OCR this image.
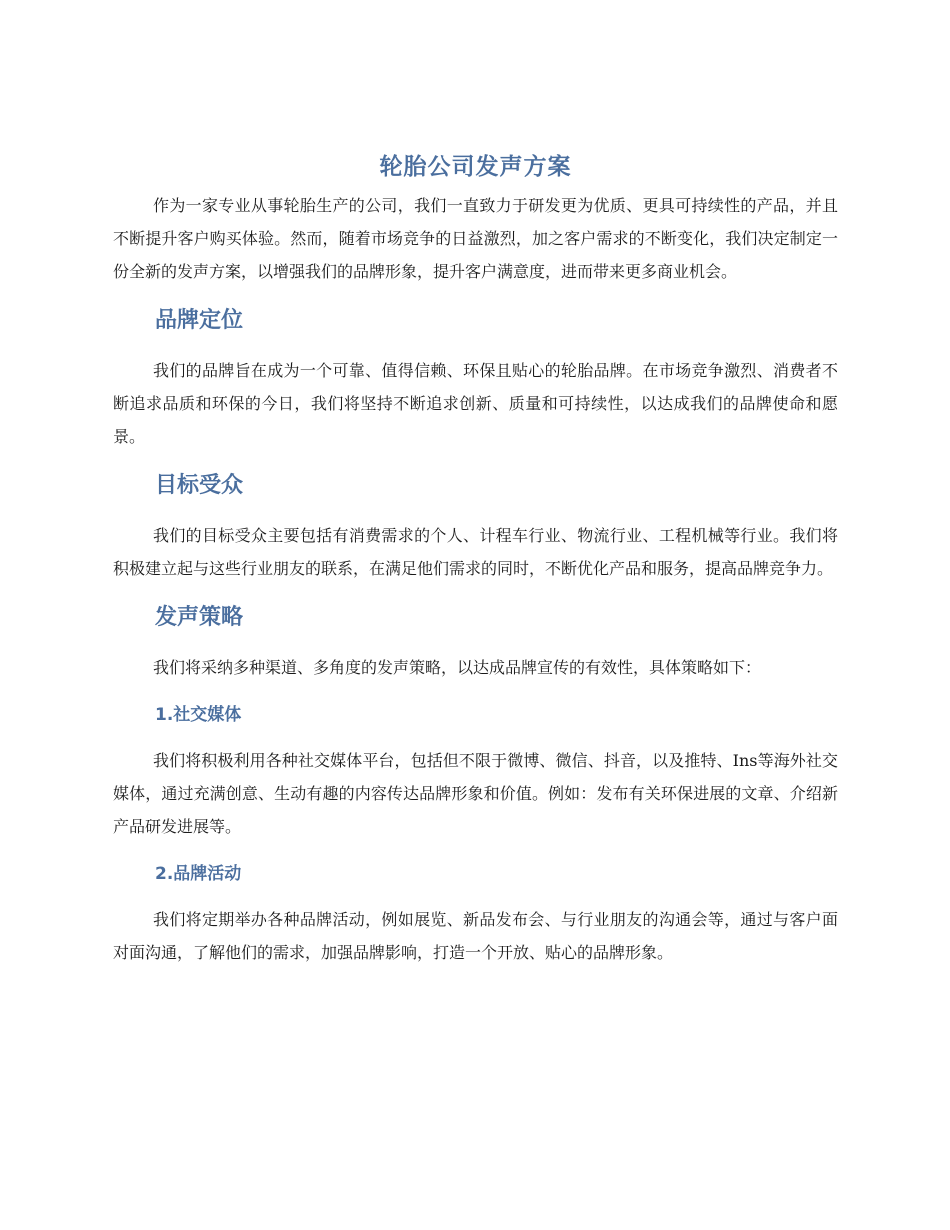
轮胎公司发声方案

作为一家专业从事轮胎生产的公司，我们一直致力于研发更为优质、更具可持续性的产品，并且不断提升客户购买体验。然而，随着市场竞争的日益激烈，加之客户需求的不断变化，我们决定制定一份全新的发声方案，以增强我们的品牌形象，提升客户满意度，进而带来更多商业机会。

品牌定位

我们的品牌旨在成为一个可靠、值得信赖、环保且贴心的轮胎品牌。在市场竞争激烈、消费者不断追求品质和环保的今日，我们将坚持不断追求创新、质量和可持续性，以达成我们的品牌使命和愿景。

目标受众

我们的目标受众主要包括有消费需求的个人、计程车行业、物流行业、工程机械等行业。我们将积极建立起与这些行业朋友的联系，在满足他们需求的同时，不断优化产品和服务，提高品牌竞争力。

发声策略

我们将采纳多种渠道、多角度的发声策略，以达成品牌宣传的有效性，具体策略如下：

1.社交媒体

我们将积极利用各种社交媒体平台，包括但不限于微博、微信、抖音，以及推特、Ins等海外社交媒体，通过充满创意、生动有趣的内容传达品牌形象和价值。例如：发布有关环保进展的文章、介绍新产品研发进展等。

2.品牌活动

我们将定期举办各种品牌活动，例如展览、新品发布会、与行业朋友的沟通会等，通过与客户面对面沟通，了解他们的需求，加强品牌影响，打造一个开放、贴心的品牌形象。
